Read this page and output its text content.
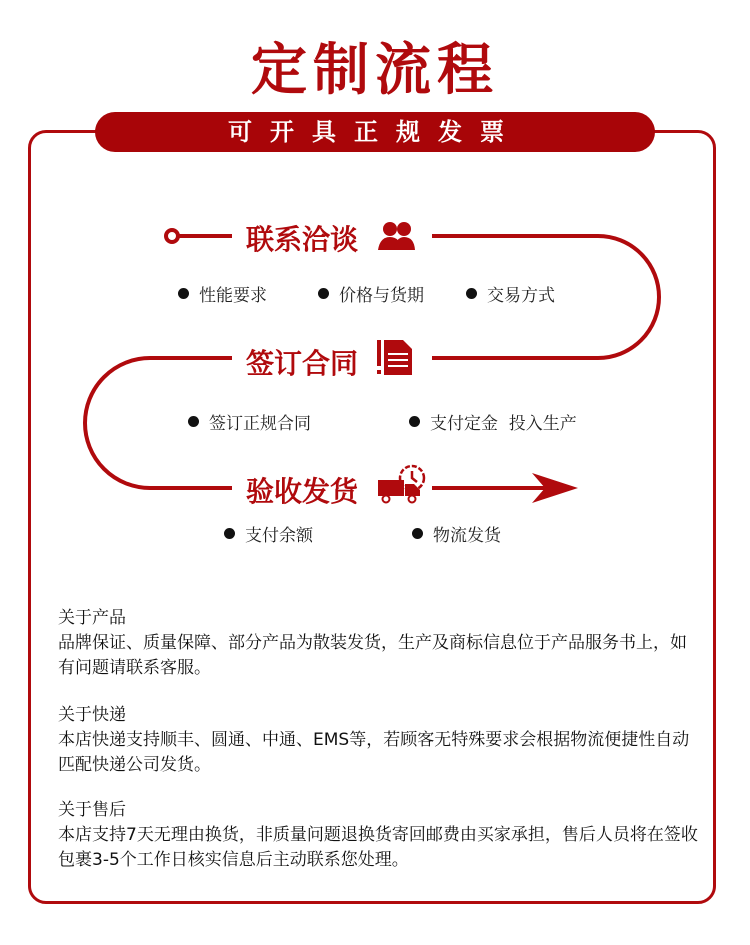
定制流程
可开具正规发票
联系洽谈
性能要求	价格与货期	交易方式
签订合同
签订正规合同	支付定金  投入生产
验收发货
支付余额	物流发货
关于产品
品牌保证、质量保障、部分产品为散装发货，生产及商标信息位于产品服务书上，如有问题请联系客服。
关于快递
本店快递支持顺丰、圆通、中通、EMS等，若顾客无特殊要求会根据物流便捷性自动匹配快递公司发货。
关于售后
本店支持7天无理由换货，非质量问题退换货寄回邮费由买家承担，售后人员将在签收包裹3-5个工作日核实信息后主动联系您处理。
